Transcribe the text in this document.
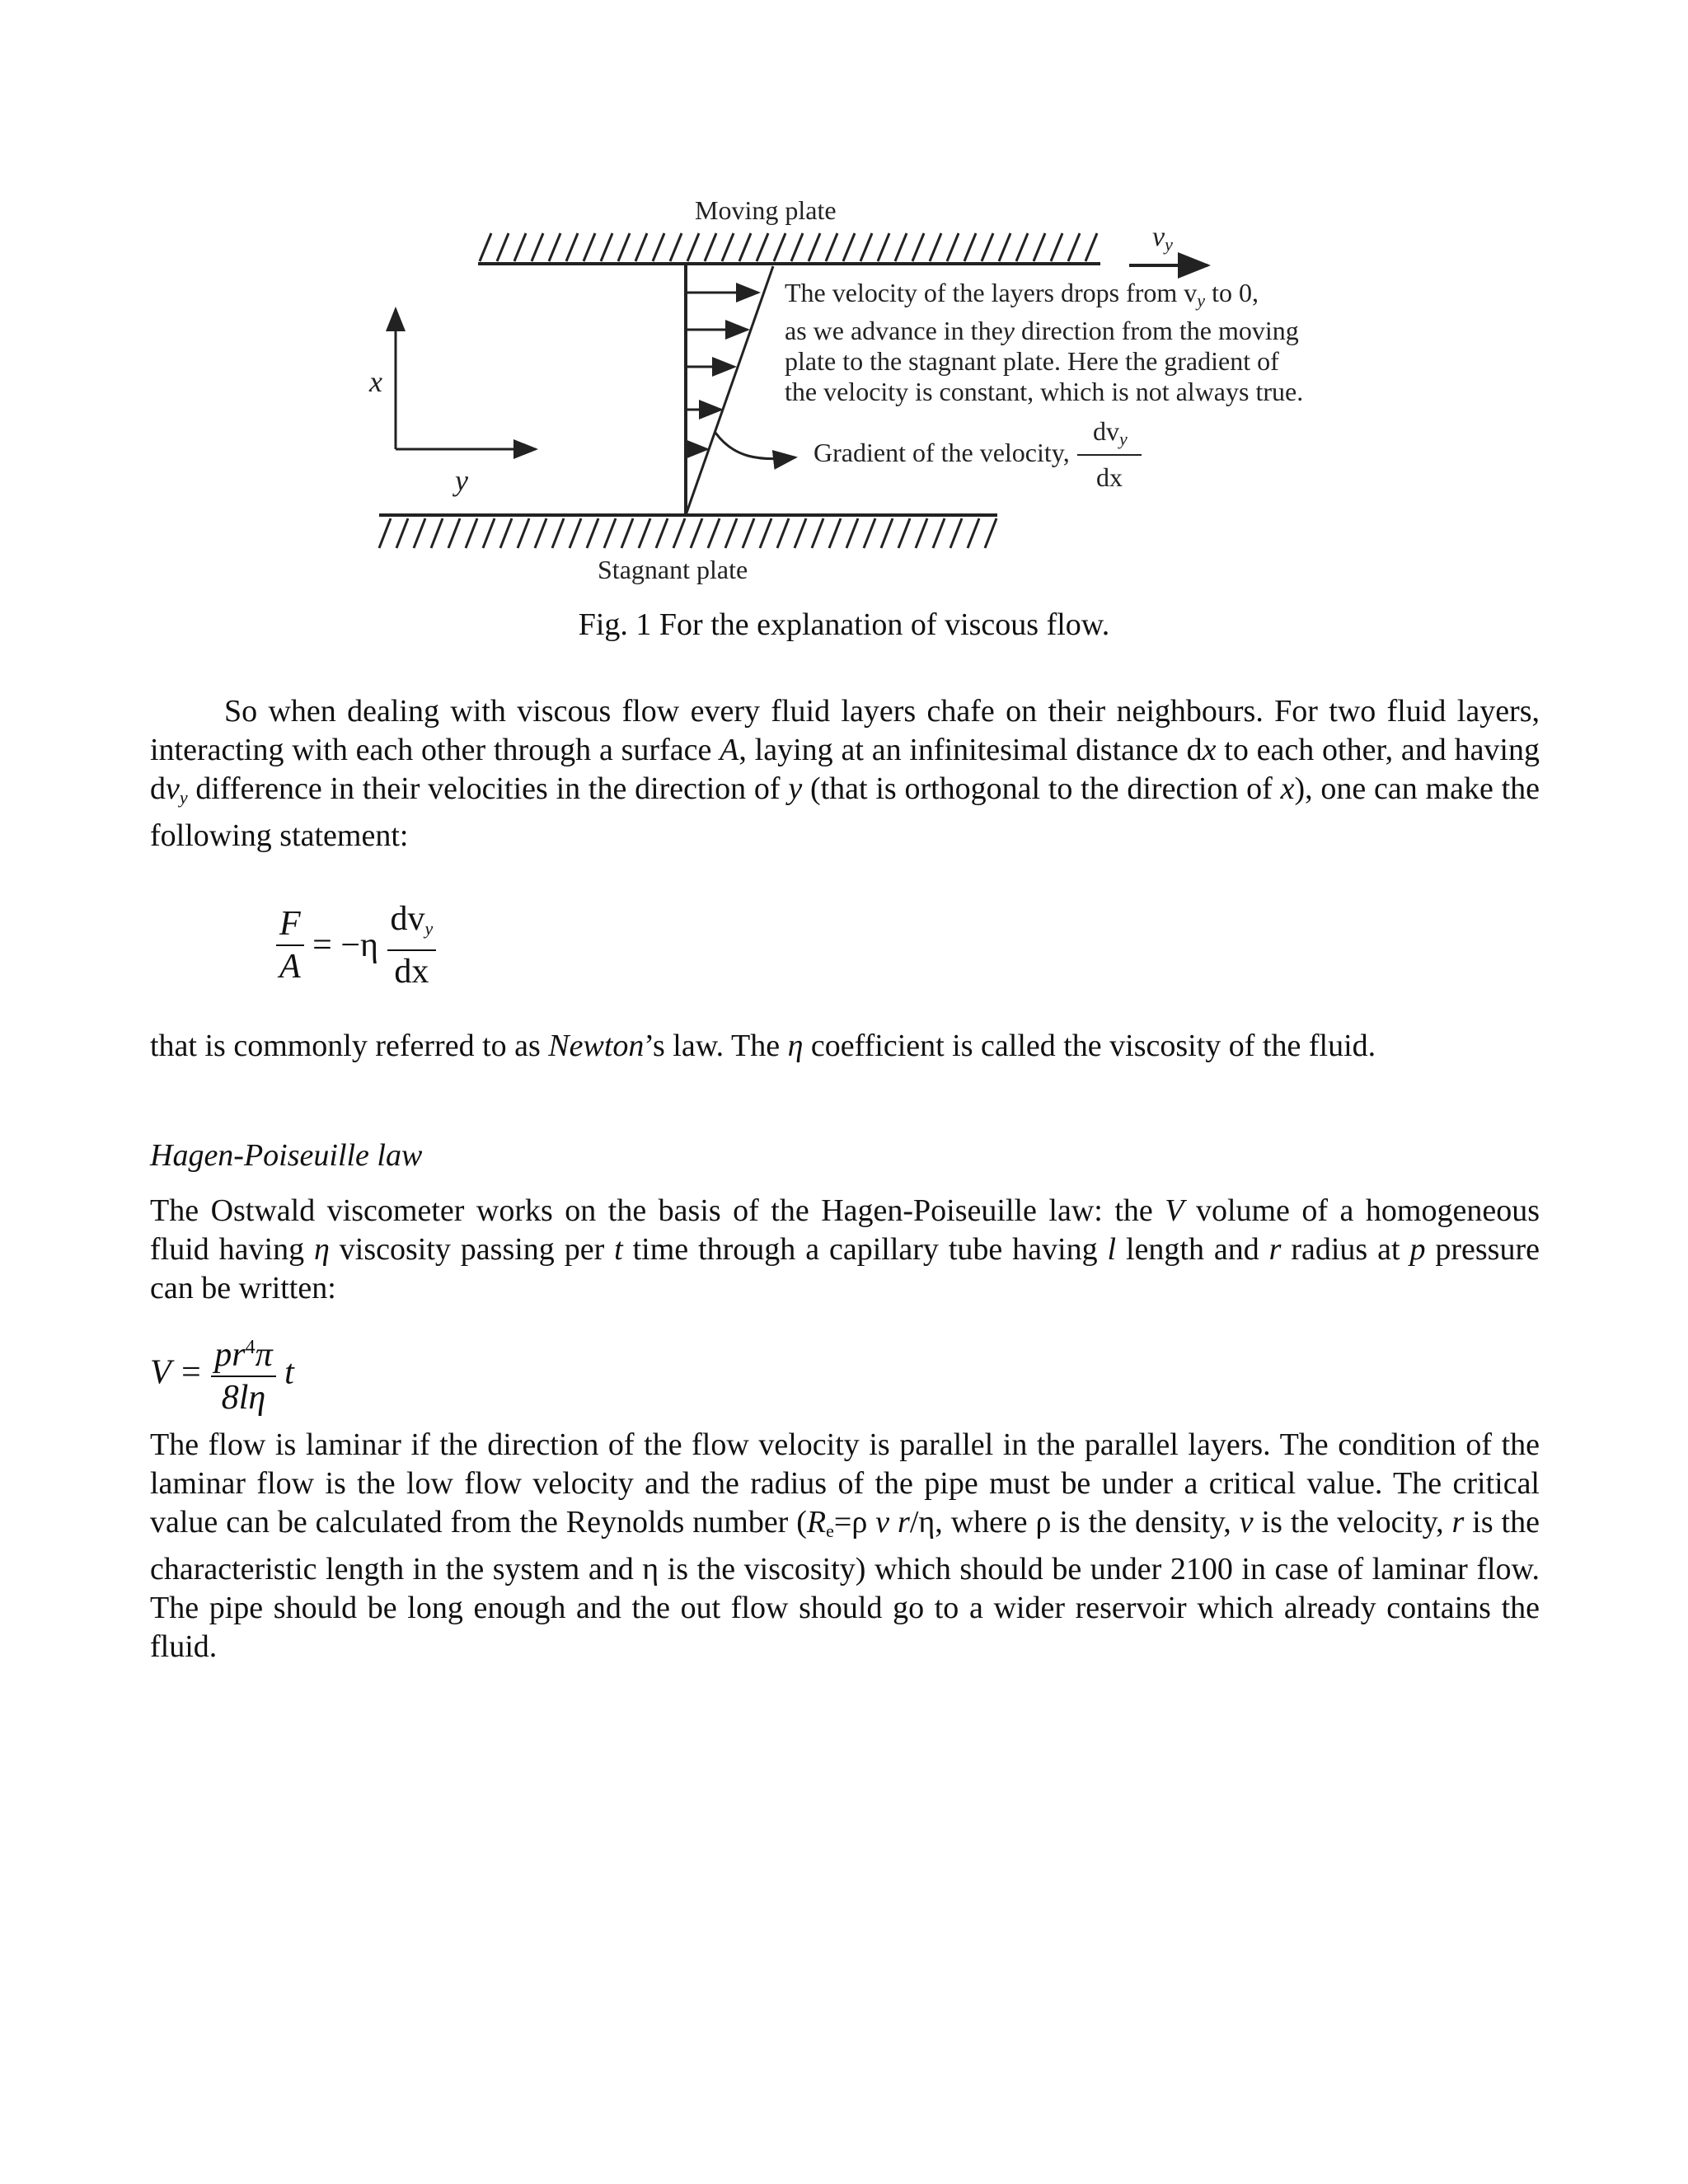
Moving plate
Stagnant plate
$v_y$
x
y
The velocity of the layers drops from $v_y$ to 0,
as we advance in they direction from the moving
plate to the stagnant plate. Here the gradient of
the velocity is constant, which is not always true.
Gradient of the velocity,
$dv_y$
dx
Fig. 1 For the explanation of viscous flow.

So when dealing with viscous flow every fluid layers chafe on their neighbours. For two fluid layers, interacting with each other through a surface A, laying at an infinitesimal distance dx to each other, and having $dv_y$ difference in their velocities in the direction of y (that is orthogonal to the direction of x), one can make the following statement:

$\frac{F}{A} = -\eta \frac{dv_y}{dx}$

that is commonly referred to as Newton’s law. The η coefficient is called the viscosity of the fluid.

Hagen-Poiseuille law

The Ostwald viscometer works on the basis of the Hagen-Poiseuille law: the V volume of a homogeneous fluid having η viscosity passing per t time through a capillary tube having l length and r radius at p pressure can be written:

$V = \frac{pr^4\pi}{8l\eta}$ t

The flow is laminar if the direction of the flow velocity is parallel in the parallel layers. The condition of the laminar flow is the low flow velocity and the radius of the pipe must be under a critical value. The critical value can be calculated from the Reynolds number ($R_e=\rho$ v r/η, where ρ is the density, v is the velocity, r is the characteristic length in the system and η is the viscosity) which should be under 2100 in case of laminar flow. The pipe should be long enough and the out flow should go to a wider reservoir which already contains the fluid.
